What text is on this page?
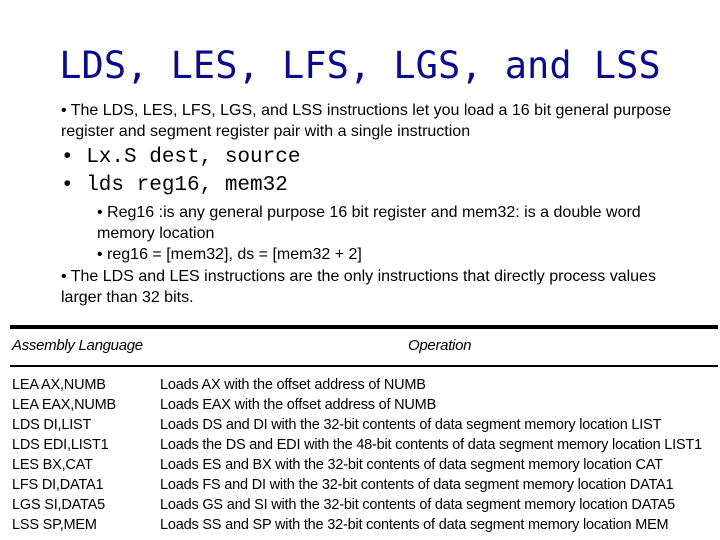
LDS, LES, LFS, LGS, and LSS
• The LDS, LES, LFS, LGS, and LSS instructions let you load a 16 bit general purpose register and segment register pair with a single instruction
• Lx.S dest, source
• lds reg16, mem32
• Reg16 :is any general purpose 16 bit register and mem32: is a double word memory location
• reg16 = [mem32], ds = [mem32 + 2]
• The LDS and LES instructions are the only instructions that directly process values larger than 32 bits.
Assembly Language	Operation
LEA AX,NUMB	Loads AX with the offset address of NUMB
LEA EAX,NUMB	Loads EAX with the offset address of NUMB
LDS DI,LIST	Loads DS and DI with the 32-bit contents of data segment memory location LIST
LDS EDI,LIST1	Loads the DS and EDI with the 48-bit contents of data segment memory location LIST1
LES BX,CAT	Loads ES and BX with the 32-bit contents of data segment memory location CAT
LFS DI,DATA1	Loads FS and DI with the 32-bit contents of data segment memory location DATA1
LGS SI,DATA5	Loads GS and SI with the 32-bit contents of data segment memory location DATA5
LSS SP,MEM	Loads SS and SP with the 32-bit contents of data segment memory location MEM
